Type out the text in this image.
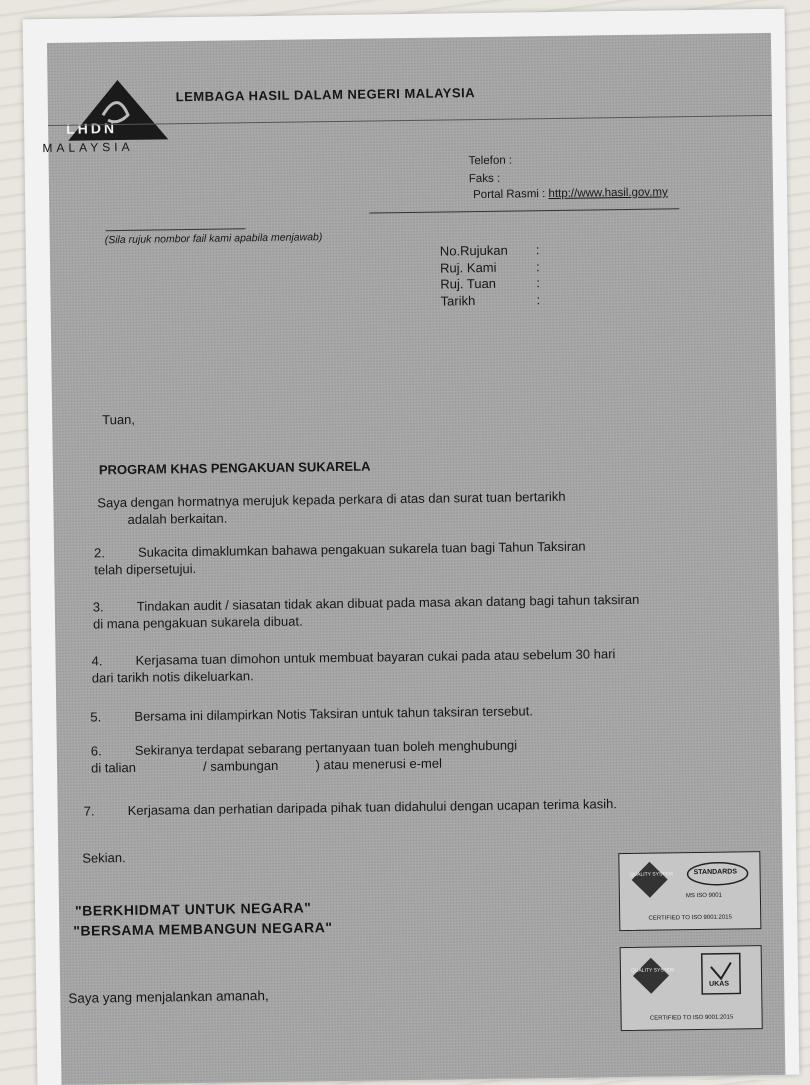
LHDN
MALAYSIA
LEMBAGA HASIL DALAM NEGERI MALAYSIA
Telefon :
Faks :
Portal Rasmi : http://www.hasil.gov.my
(Sila rujuk nombor fail kami apabila menjawab)
No.Rujukan	:
Ruj. Kami	:
Ruj. Tuan	:
Tarikh	:
Tuan,
PROGRAM KHAS PENGAKUAN SUKARELA
Saya dengan hormatnya merujuk kepada perkara di atas dan surat tuan bertarikh
adalah berkaitan.
2.	Sukacita dimaklumkan bahawa pengakuan sukarela tuan bagi Tahun Taksiran
telah dipersetujui.
3.	Tindakan audit / siasatan tidak akan dibuat pada masa akan datang bagi tahun taksiran
di mana pengakuan sukarela dibuat.
4.	Kerjasama tuan dimohon untuk membuat bayaran cukai pada atau sebelum 30 hari
dari tarikh notis dikeluarkan.
5.	Bersama ini dilampirkan Notis Taksiran untuk tahun taksiran tersebut.
6.	Sekiranya terdapat sebarang pertanyaan tuan boleh menghubungi
di talian	/ sambungan	) atau menerusi e-mel
7.	Kerjasama dan perhatian daripada pihak tuan didahului dengan ucapan terima kasih.
Sekian.
"BERKHIDMAT UNTUK NEGARA"
"BERSAMA MEMBANGUN NEGARA"
Saya yang menjalankan amanah,
QUALITY SYSTEM	STANDARDS
MS ISO 9001
CERTIFIED TO ISO 9001:2015
QUALITY SYSTEM
UKAS
CERTIFIED TO ISO 9001:2015
